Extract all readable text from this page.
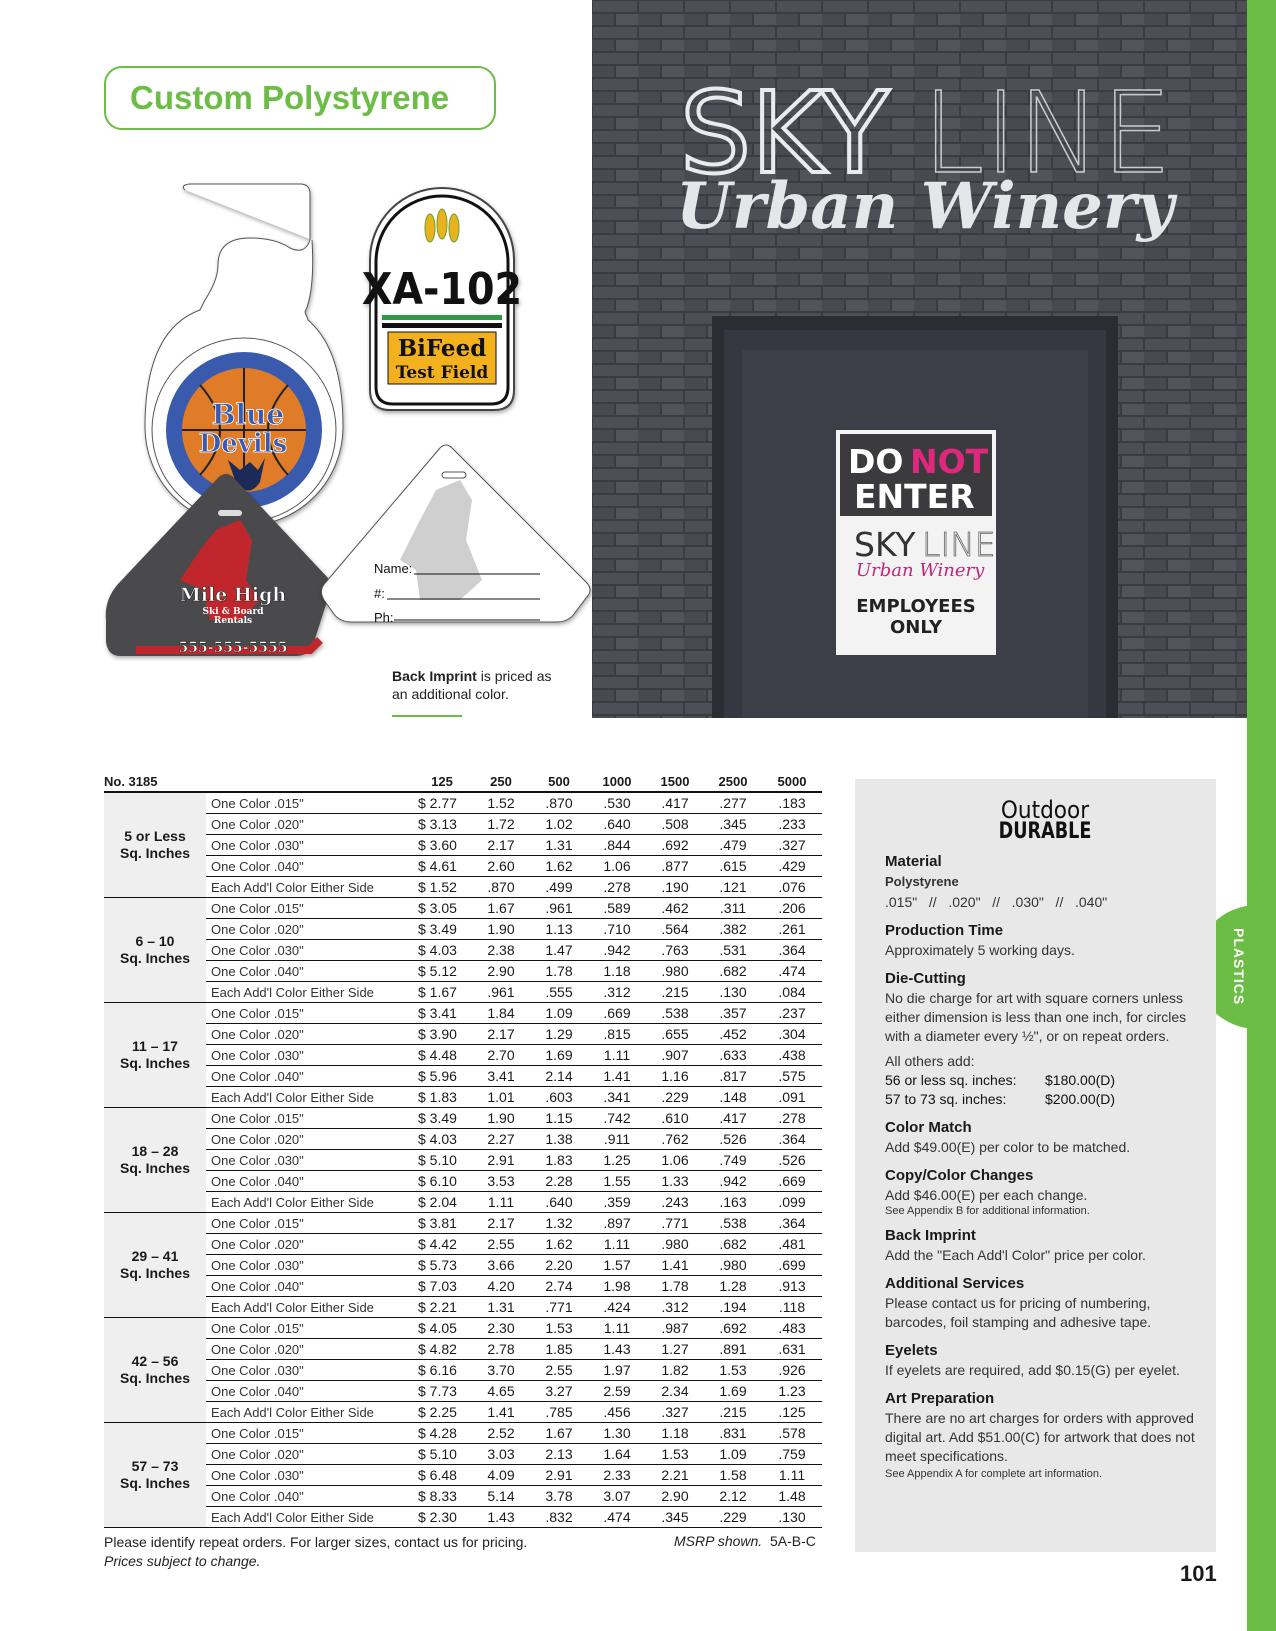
PLASTICS
Custom Polystyrene
Blue
Devils
XA-102
BiFeed
Test Field
Mile High
Ski & Board
Rentals
555-555-5555
Name:
#:
Ph:
SKY LINE
Urban Winery
DO NOT
ENTER
SKY LINE
Urban Winery
EMPLOYEES
ONLY
Back Imprint is priced as an additional color.
No. 3185		125	250	500	1000	1500	2500	5000

5 or Less
Sq. Inches	One Color .015"	$ 2.77	1.52	.870	.530	.417	.277	.183
	One Color .020"	$ 3.13	1.72	1.02	.640	.508	.345	.233
	One Color .030"	$ 3.60	2.17	1.31	.844	.692	.479	.327
	One Color .040"	$ 4.61	2.60	1.62	1.06	.877	.615	.429
	Each Add'l Color Either Side	$ 1.52	.870	.499	.278	.190	.121	.076

6 – 10
Sq. Inches	One Color .015"	$ 3.05	1.67	.961	.589	.462	.311	.206
	One Color .020"	$ 3.49	1.90	1.13	.710	.564	.382	.261
	One Color .030"	$ 4.03	2.38	1.47	.942	.763	.531	.364
	One Color .040"	$ 5.12	2.90	1.78	1.18	.980	.682	.474
	Each Add'l Color Either Side	$ 1.67	.961	.555	.312	.215	.130	.084

11 – 17
Sq. Inches	One Color .015"	$ 3.41	1.84	1.09	.669	.538	.357	.237
	One Color .020"	$ 3.90	2.17	1.29	.815	.655	.452	.304
	One Color .030"	$ 4.48	2.70	1.69	1.11	.907	.633	.438
	One Color .040"	$ 5.96	3.41	2.14	1.41	1.16	.817	.575
	Each Add'l Color Either Side	$ 1.83	1.01	.603	.341	.229	.148	.091

18 – 28
Sq. Inches	One Color .015"	$ 3.49	1.90	1.15	.742	.610	.417	.278
	One Color .020"	$ 4.03	2.27	1.38	.911	.762	.526	.364
	One Color .030"	$ 5.10	2.91	1.83	1.25	1.06	.749	.526
	One Color .040"	$ 6.10	3.53	2.28	1.55	1.33	.942	.669
	Each Add'l Color Either Side	$ 2.04	1.11	.640	.359	.243	.163	.099

29 – 41
Sq. Inches	One Color .015"	$ 3.81	2.17	1.32	.897	.771	.538	.364
	One Color .020"	$ 4.42	2.55	1.62	1.11	.980	.682	.481
	One Color .030"	$ 5.73	3.66	2.20	1.57	1.41	.980	.699
	One Color .040"	$ 7.03	4.20	2.74	1.98	1.78	1.28	.913
	Each Add'l Color Either Side	$ 2.21	1.31	.771	.424	.312	.194	.118

42 – 56
Sq. Inches	One Color .015"	$ 4.05	2.30	1.53	1.11	.987	.692	.483
	One Color .020"	$ 4.82	2.78	1.85	1.43	1.27	.891	.631
	One Color .030"	$ 6.16	3.70	2.55	1.97	1.82	1.53	.926
	One Color .040"	$ 7.73	4.65	3.27	2.59	2.34	1.69	1.23
	Each Add'l Color Either Side	$ 2.25	1.41	.785	.456	.327	.215	.125

57 – 73
Sq. Inches	One Color .015"	$ 4.28	2.52	1.67	1.30	1.18	.831	.578
	One Color .020"	$ 5.10	3.03	2.13	1.64	1.53	1.09	.759
	One Color .030"	$ 6.48	4.09	2.91	2.33	2.21	1.58	1.11
	One Color .040"	$ 8.33	5.14	3.78	3.07	2.90	2.12	1.48
	Each Add'l Color Either Side	$ 2.30	1.43	.832	.474	.345	.229	.130
Please identify repeat orders. For larger sizes, contact us for pricing.
Prices subject to change.
MSRP shown. 5A-B-C
Outdoor
DURABLE

Material

Polystyrene

.015"   //   .020"   //   .030"   //   .040"

Production Time

Approximately 5 working days.

Die-Cutting

No die charge for art with square corners unless either dimension is less than one inch, for circles with a diameter every ½", or on repeat orders.

All others add:

56 or less sq. inches:	$180.00(D)
57 to 73 sq. inches:	$200.00(D)

Color Match

Add $49.00(E) per color to be matched.

Copy/Color Changes

Add $46.00(E) per each change.

See Appendix B for additional information.

Back Imprint

Add the "Each Add'l Color" price per color.

Additional Services

Please contact us for pricing of numbering, barcodes, foil stamping and adhesive tape.

Eyelets

If eyelets are required, add $0.15(G) per eyelet.

Art Preparation

There are no art charges for orders with approved digital art. Add $51.00(C) for artwork that does not meet specifications.

See Appendix A for complete art information.

101
